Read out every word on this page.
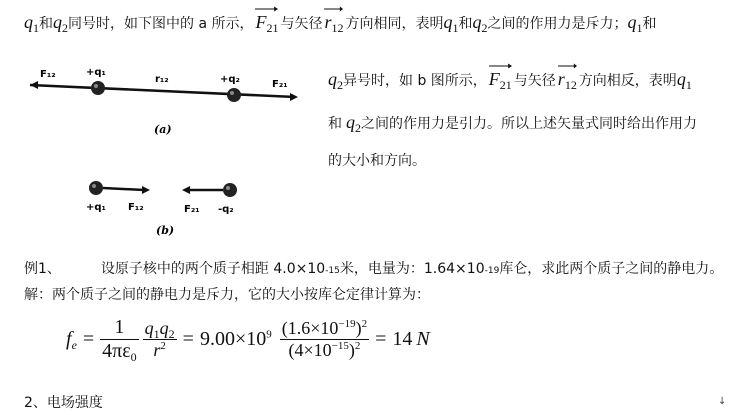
$q_1$ 和 $q_2$ 同号时，如下图中的 a 所示， $F_{21}$ 与矢径 $r_{12}$ 方向相同，表明 $q_1$ 和 $q_2$ 之间的作用力是斥力； $q_1$ 和
F₁₂	+q₁
r₁₂	+q₂	F₂₁
(a)
+q₁ F₁₂	F₂₁ -q₂
(b)
$q_2$ 异号时，如 b 图所示， $F_{21}$ 与矢径 $r_{12}$ 方向相反，表明 $q_1$
和 $q_2$ 之间的作用力是引力。所以上述矢量式同时给出作用力
的大小和方向。
例1、	设原子核中的两个质子相距 4.0×10 -15 米，电量为：1.64×10 -19 库仑，求此两个质子之间的静电力。
解：两个质子之间的静电力是斥力，它的大小按库仑定律计算为：
$f_e = \frac{1}{4\pi\varepsilon_0} \frac{q_1q_2}{r^2} = 9.00\times 10^9 \frac{(1.6\times 10^{-19})^2}{(4\times 10^{-15})^2} = 14$ N
2、电场强度	↓
